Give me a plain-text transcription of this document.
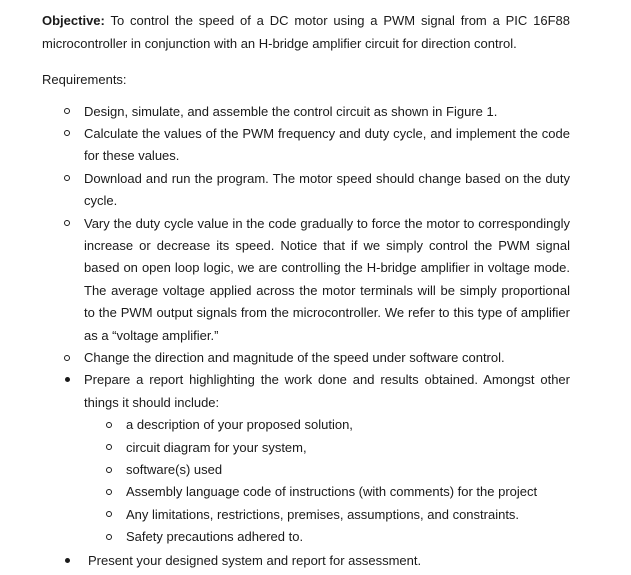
Objective: To control the speed of a DC motor using a PWM signal from a PIC 16F88 microcontroller in conjunction with an H-bridge amplifier circuit for direction control.

Requirements:

Design, simulate, and assemble the control circuit as shown in Figure 1.
Calculate the values of the PWM frequency and duty cycle, and implement the code for these values.
Download and run the program. The motor speed should change based on the duty cycle.
Vary the duty cycle value in the code gradually to force the motor to correspondingly increase or decrease its speed. Notice that if we simply control the PWM signal based on open loop logic, we are controlling the H-bridge amplifier in voltage mode. The average voltage applied across the motor terminals will be simply proportional to the PWM output signals from the microcontroller. We refer to this type of amplifier as a “voltage amplifier.”
Change the direction and magnitude of the speed under software control.
Prepare a report highlighting the work done and results obtained. Amongst other things it should include:
a description of your proposed solution,
circuit diagram for your system,
software(s) used
Assembly language code of instructions (with comments) for the project
Any limitations, restrictions, premises, assumptions, and constraints.
Safety precautions adhered to.
Present your designed system and report for assessment.
